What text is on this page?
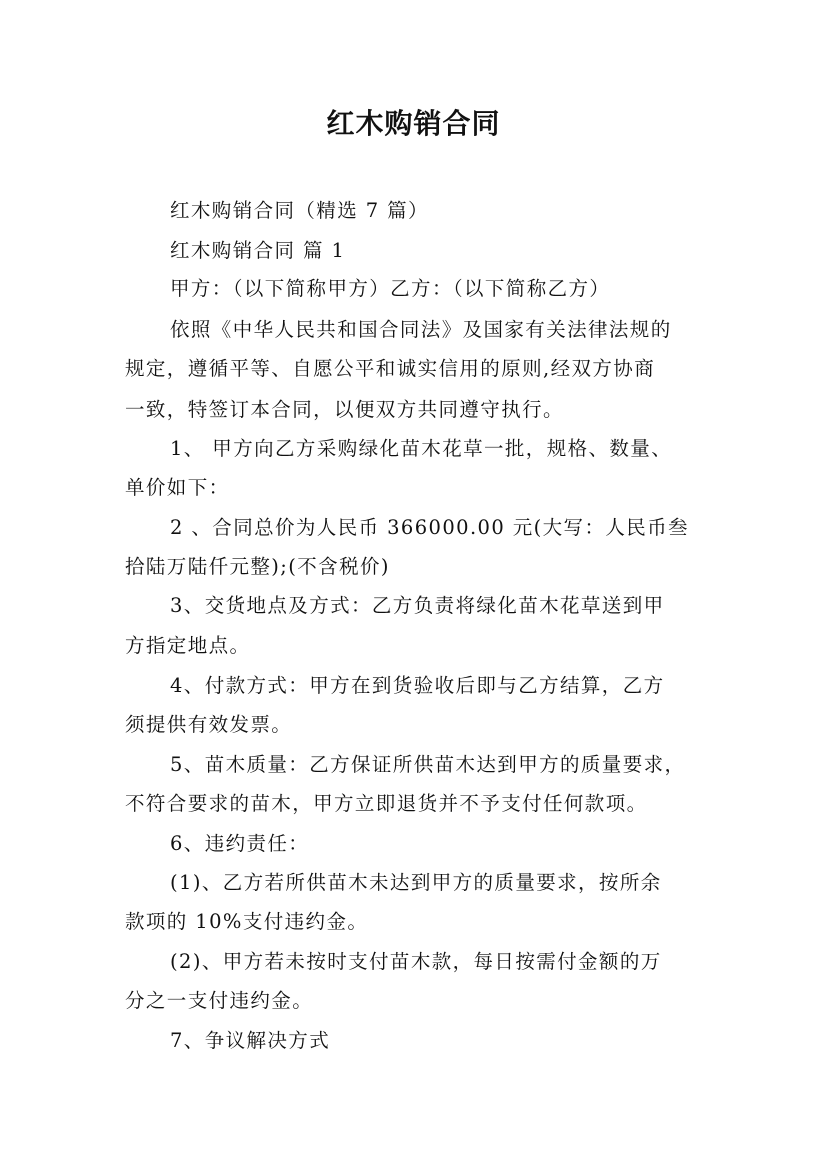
红木购销合同
红木购销合同（精选 7 篇）
红木购销合同 篇 1
甲方：（以下简称甲方）乙方：（以下简称乙方）
依照《中华人民共和国合同法》及国家有关法律法规的
规定，遵循平等、自愿公平和诚实信用的原则,经双方协商
一致，特签订本合同，以便双方共同遵守执行。
1、 甲方向乙方采购绿化苗木花草一批，规格、数量、
单价如下：
2 、合同总价为人民币 366000.00 元(大写：人民币叁
拾陆万陆仟元整);(不含税价)
3、交货地点及方式：乙方负责将绿化苗木花草送到甲
方指定地点。
4、付款方式：甲方在到货验收后即与乙方结算，乙方
须提供有效发票。
5、苗木质量：乙方保证所供苗木达到甲方的质量要求，
不符合要求的苗木，甲方立即退货并不予支付任何款项。
6、违约责任：
(1)、乙方若所供苗木未达到甲方的质量要求，按所余
款项的 10%支付违约金。
(2)、甲方若未按时支付苗木款，每日按需付金额的万
分之一支付违约金。
7、争议解决方式
